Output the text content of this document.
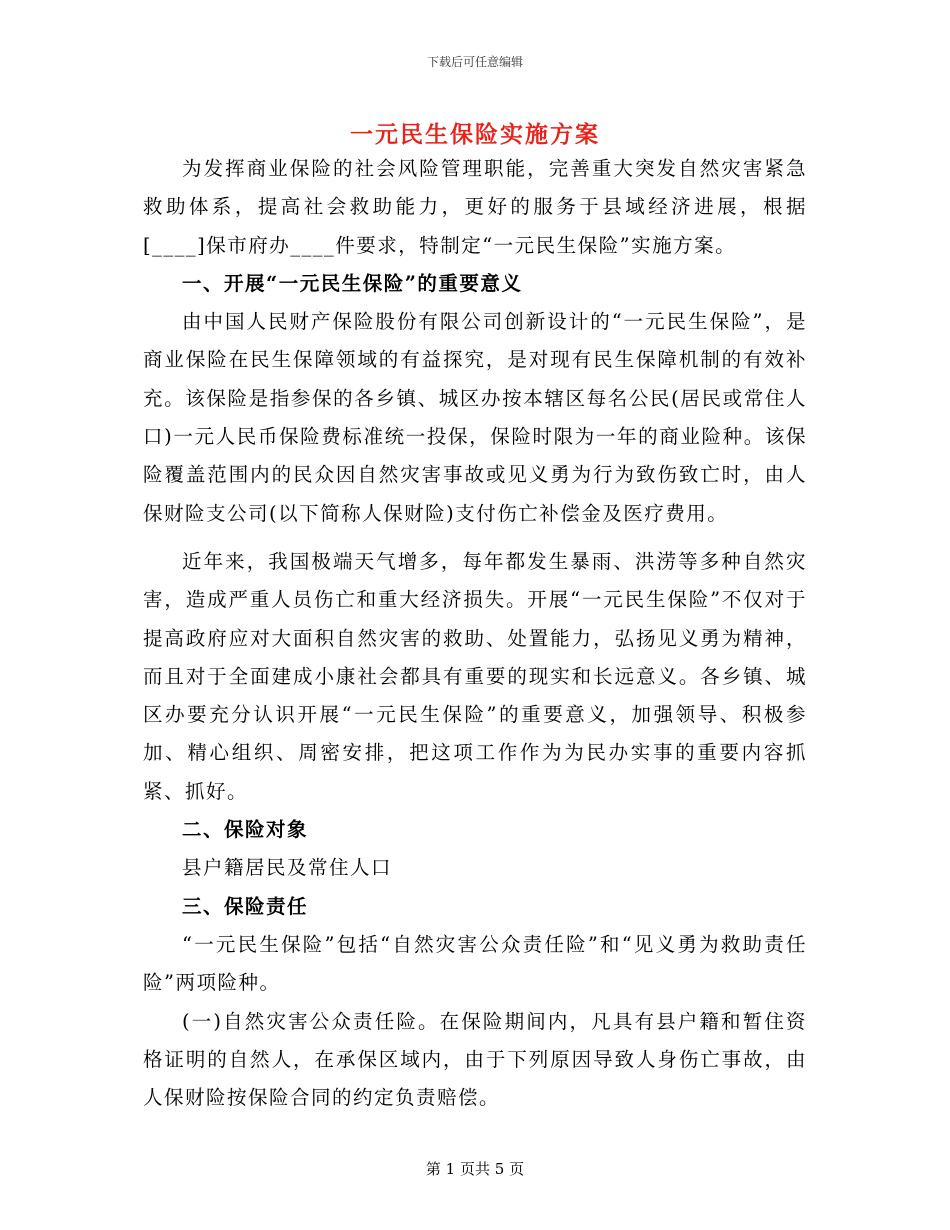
下载后可任意编辑
一元民生保险实施方案

为发挥商业保险的社会风险管理职能，完善重大突发自然灾害紧急救助体系，提高社会救助能力，更好的服务于县域经济进展，根据[____]保市府办____件要求，特制定“一元民生保险”实施方案。

一、开展“一元民生保险”的重要意义

由中国人民财产保险股份有限公司创新设计的“一元民生保险”，是商业保险在民生保障领域的有益探究，是对现有民生保障机制的有效补充。该保险是指参保的各乡镇、城区办按本辖区每名公民(居民或常住人口)一元人民币保险费标准统一投保，保险时限为一年的商业险种。该保险覆盖范围内的民众因自然灾害事故或见义勇为行为致伤致亡时，由人保财险支公司(以下简称人保财险)支付伤亡补偿金及医疗费用。

近年来，我国极端天气增多，每年都发生暴雨、洪涝等多种自然灾害，造成严重人员伤亡和重大经济损失。开展“一元民生保险”不仅对于提高政府应对大面积自然灾害的救助、处置能力，弘扬见义勇为精神，而且对于全面建成小康社会都具有重要的现实和长远意义。各乡镇、城区办要充分认识开展“一元民生保险”的重要意义，加强领导、积极参加、精心组织、周密安排，把这项工作作为为民办实事的重要内容抓紧、抓好。

二、保险对象

县户籍居民及常住人口

三、保险责任

“一元民生保险”包括“自然灾害公众责任险”和“见义勇为救助责任险”两项险种。

(一)自然灾害公众责任险。在保险期间内，凡具有县户籍和暂住资格证明的自然人，在承保区域内，由于下列原因导致人身伤亡事故，由人保财险按保险合同的约定负责赔偿。

第 1 页共 5 页
